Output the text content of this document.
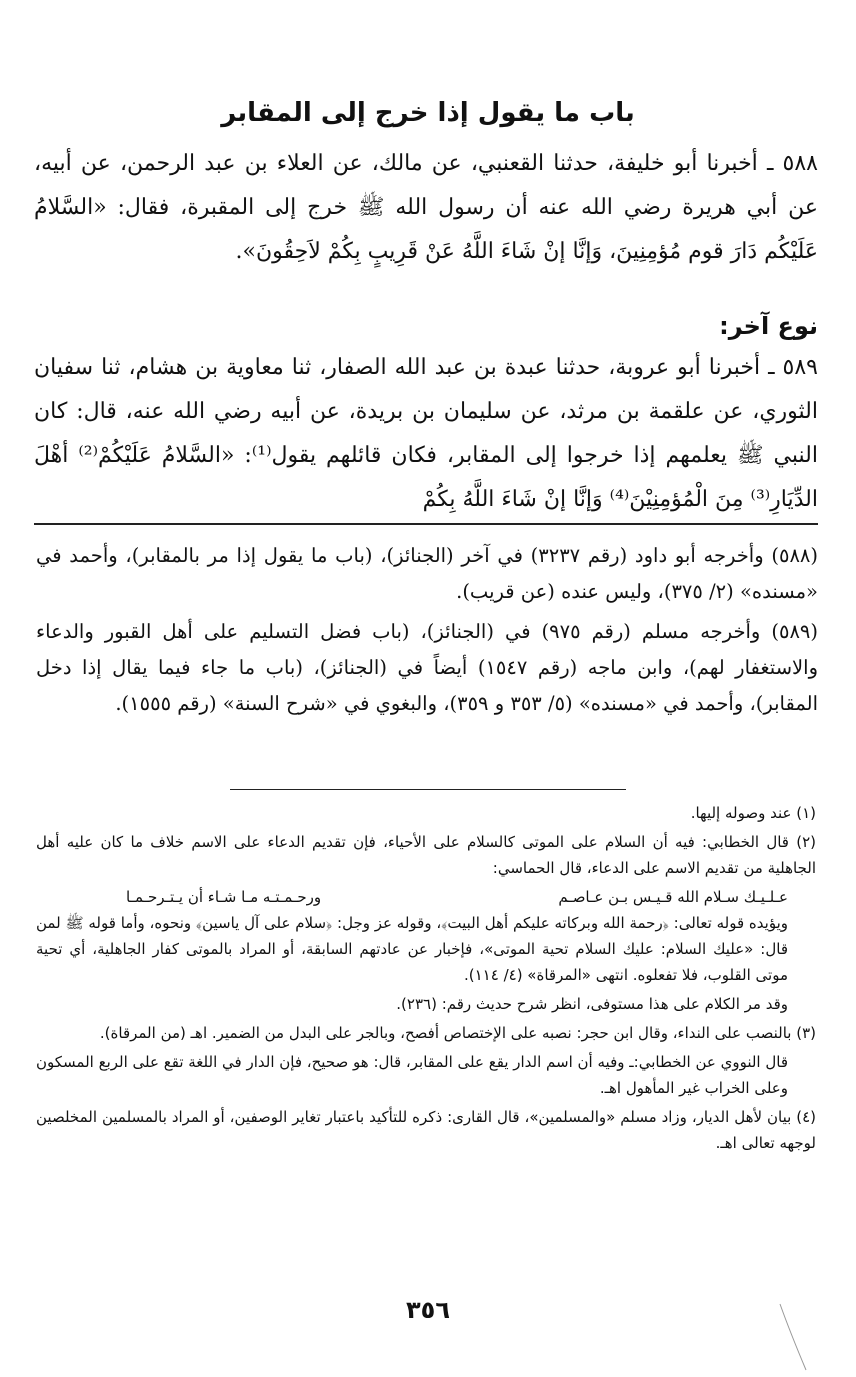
باب ما يقول إذا خرج إلى المقابر

٥٨٨ ـ أخبرنا أبو خليفة، حدثنا القعنبي، عن مالك، عن العلاء بن عبد الرحمن، عن أبيه، عن أبي هريرة رضي الله عنه أن رسول الله ﷺ خرج إلى المقبرة، فقال: «السَّلامُ عَلَيْكُم دَارَ قوم مُؤمِنِينَ، وَإنَّا إنْ شَاءَ اللَّهُ عَنْ قَرِيبٍ بِكُمْ لاَحِقُونَ».

نوع آخر:

٥٨٩ ـ أخبرنا أبو عروبة، حدثنا عبدة بن عبد الله الصفار، ثنا معاوية بن هشام، ثنا سفيان الثوري، عن علقمة بن مرثد، عن سليمان بن بريدة، عن أبيه رضي الله عنه، قال: كان النبي ﷺ يعلمهم إذا خرجوا إلى المقابر، فكان قائلهم يقول⁽¹⁾: «السَّلامُ عَلَيْكُمْ⁽²⁾ أهْلَ الدِّيَارِ⁽³⁾ مِنَ الْمُؤمِنِيْنَ⁽⁴⁾ وَإنَّا إنْ شَاءَ اللَّهُ بِكُمْ

(٥٨٨) وأخرجه أبو داود (رقم ٣٢٣٧) في آخر (الجنائز)، (باب ما يقول إذا مر بالمقابر)، وأحمد في «مسنده» (٢/ ٣٧٥)، وليس عنده (عن قريب).

(٥٨٩) وأخرجه مسلم (رقم ٩٧٥) في (الجنائز)، (باب فضل التسليم على أهل القبور والدعاء والاستغفار لهم)، وابن ماجه (رقم ١٥٤٧) أيضاً في (الجنائز)، (باب ما جاء فيما يقال إذا دخل المقابر)، وأحمد في «مسنده» (٥/ ٣٥٣ و ٣٥٩)، والبغوي في «شرح السنة» (رقم ١٥٥٥).

(١) عند وصوله إليها.

(٢) قال الخطابي: فيه أن السلام على الموتى كالسلام على الأحياء، فإن تقديم الدعاء على الاسم خلاف ما كان عليه أهل الجاهلية من تقديم الاسم على الدعاء، قال الحماسي:

عـلـيـك سـلام الله قـيـس بـن عـاصـم
ورحـمـتـه مـا شـاء أن يـتـرحـمـا

ويؤيده قوله تعالى: ﴿رحمة الله وبركاته عليكم أهل البيت﴾، وقوله عز وجل: ﴿سلام على آل ياسين﴾ ونحوه، وأما قوله ﷺ لمن قال: «عليك السلام: عليك السلام تحية الموتى»، فإخبار عن عادتهم السابقة، أو المراد بالموتى كفار الجاهلية، أي تحية موتى القلوب، فلا تفعلوه. انتهى «المرقاة» (٤/ ١١٤).

وقد مر الكلام على هذا مستوفى، انظر شرح حديث رقم: (٢٣٦).

(٣) بالنصب على النداء، وقال ابن حجر: نصبه على الإختصاص أفصح، وبالجر على البدل من الضمير. اهـ (من المرقاة).

قال النووي عن الخطابي:ـ وفيه أن اسم الدار يقع على المقابر، قال: هو صحيح، فإن الدار في اللغة تقع على الربع المسكون وعلى الخراب غير المأهول اهـ.

(٤) بيان لأهل الديار، وزاد مسلم «والمسلمين»، قال القارى: ذكره للتأكيد باعتبار تغاير الوصفين، أو المراد بالمسلمين المخلصين لوجهه تعالى اهـ.

٣٥٦
